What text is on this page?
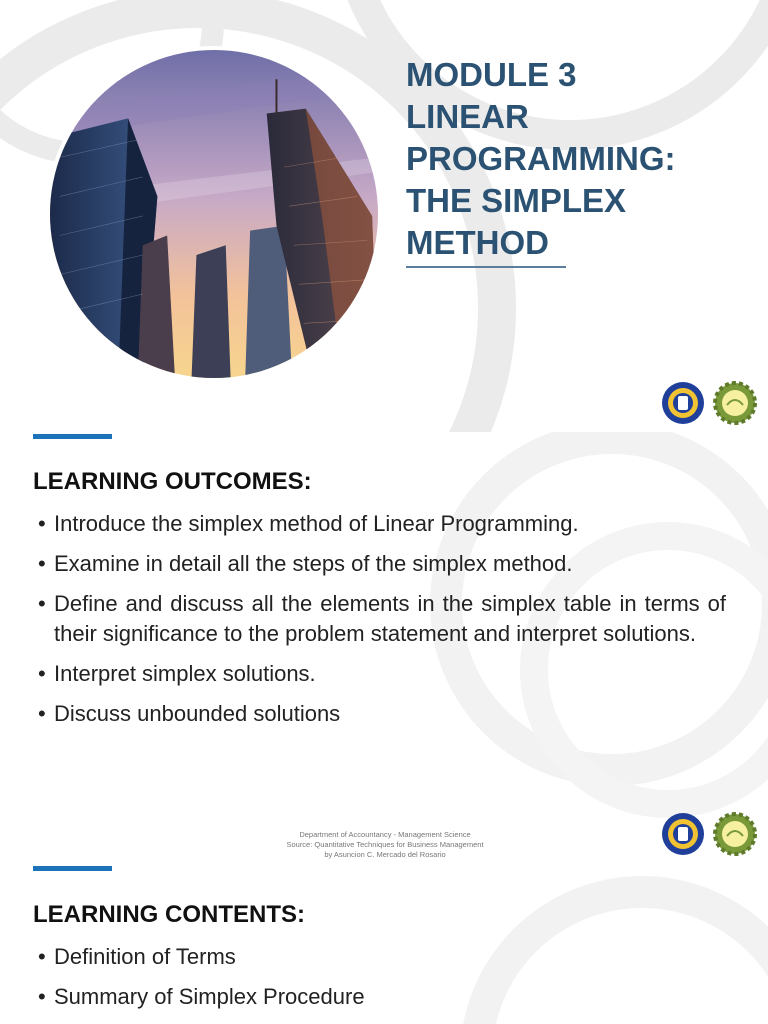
MODULE 3
LINEAR
PROGRAMMING:
THE SIMPLEX
METHOD
LEARNING OUTCOMES:
• Introduce the simplex method of Linear Programming.
• Examine in detail all the steps of the simplex method.
• Define and discuss all the elements in the simplex table in terms of their significance to the problem statement and interpret solutions.
• Interpret simplex solutions.
• Discuss unbounded solutions
Department of Accountancy - Management Science
Source: Quantitative Techniques for Business Management
by Asuncion C. Mercado del Rosario
LEARNING CONTENTS:
• Definition of Terms
• Summary of Simplex Procedure
